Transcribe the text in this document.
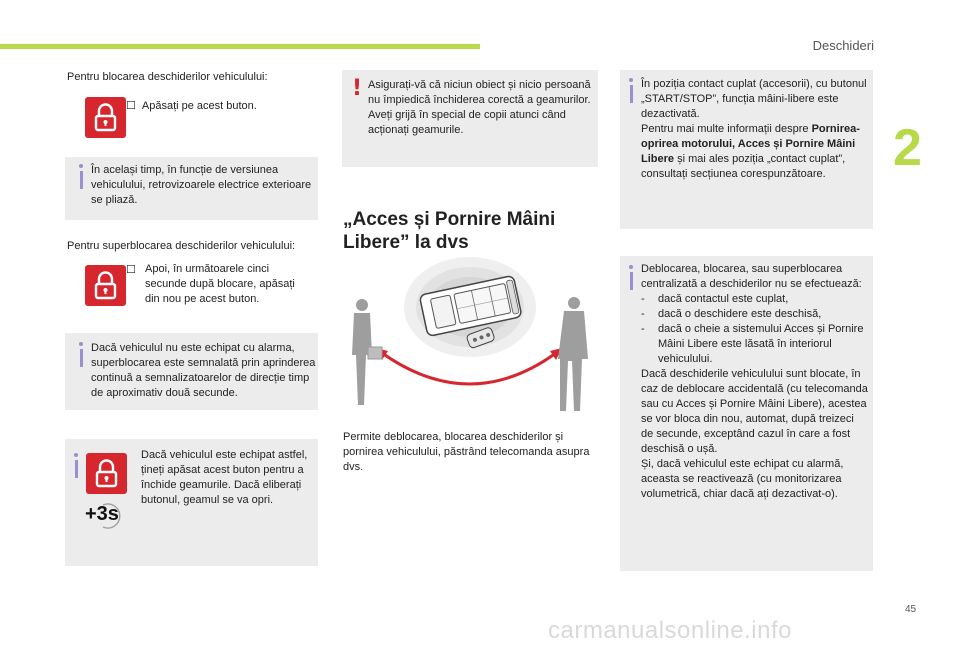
Deschideri
2
Pentru blocarea deschiderilor vehiculului:
☐ Apăsați pe acest buton.
În același timp, în funcție de versiunea vehiculului, retrovizoarele electrice exterioare se pliază.
Pentru superblocarea deschiderilor vehiculului:
☐ Apoi, în următoarele cinci secunde după blocare, apăsați din nou pe acest buton.
Dacă vehiculul nu este echipat cu alarma, superblocarea este semnalată prin aprinderea continuă a semnalizatoarelor de direcție timp de aproximativ două secunde.
+3s
Dacă vehiculul este echipat astfel, țineți apăsat acest buton pentru a închide geamurile. Dacă eliberați butonul, geamul se va opri.
! Asigurați-vă că niciun obiect și nicio persoană nu împiedică închiderea corectă a geamurilor. Aveți grijă în special de copii atunci când acționați geamurile.
„Acces și Pornire Mâini Libere” la dvs
Permite deblocarea, blocarea deschiderilor și pornirea vehiculului, păstrând telecomanda asupra dvs.
În poziția contact cuplat (accesorii), cu butonul „START/STOP”, funcția mâini-libere este dezactivată.
Pentru mai multe informații despre Pornirea-oprirea motorului, Acces și Pornire Mâini Libere și mai ales poziția „contact cuplat”, consultați secțiunea corespunzătoare.
Deblocarea, blocarea, sau superblocarea centralizată a deschiderilor nu se efectuează:
- dacă contactul este cuplat,
- dacă o deschidere este deschisă,
- dacă o cheie a sistemului Acces și Pornire Mâini Libere este lăsată în interiorul vehiculului.
Dacă deschiderile vehiculului sunt blocate, în caz de deblocare accidentală (cu telecomanda sau cu Acces și Pornire Mâini Libere), acestea se vor bloca din nou, automat, după treizeci de secunde, exceptând cazul în care a fost deschisă o ușă.
Și, dacă vehiculul este echipat cu alarmă, aceasta se reactivează (cu monitorizarea volumetrică, chiar dacă ați dezactivat-o).
45
carmanualsonline.info
